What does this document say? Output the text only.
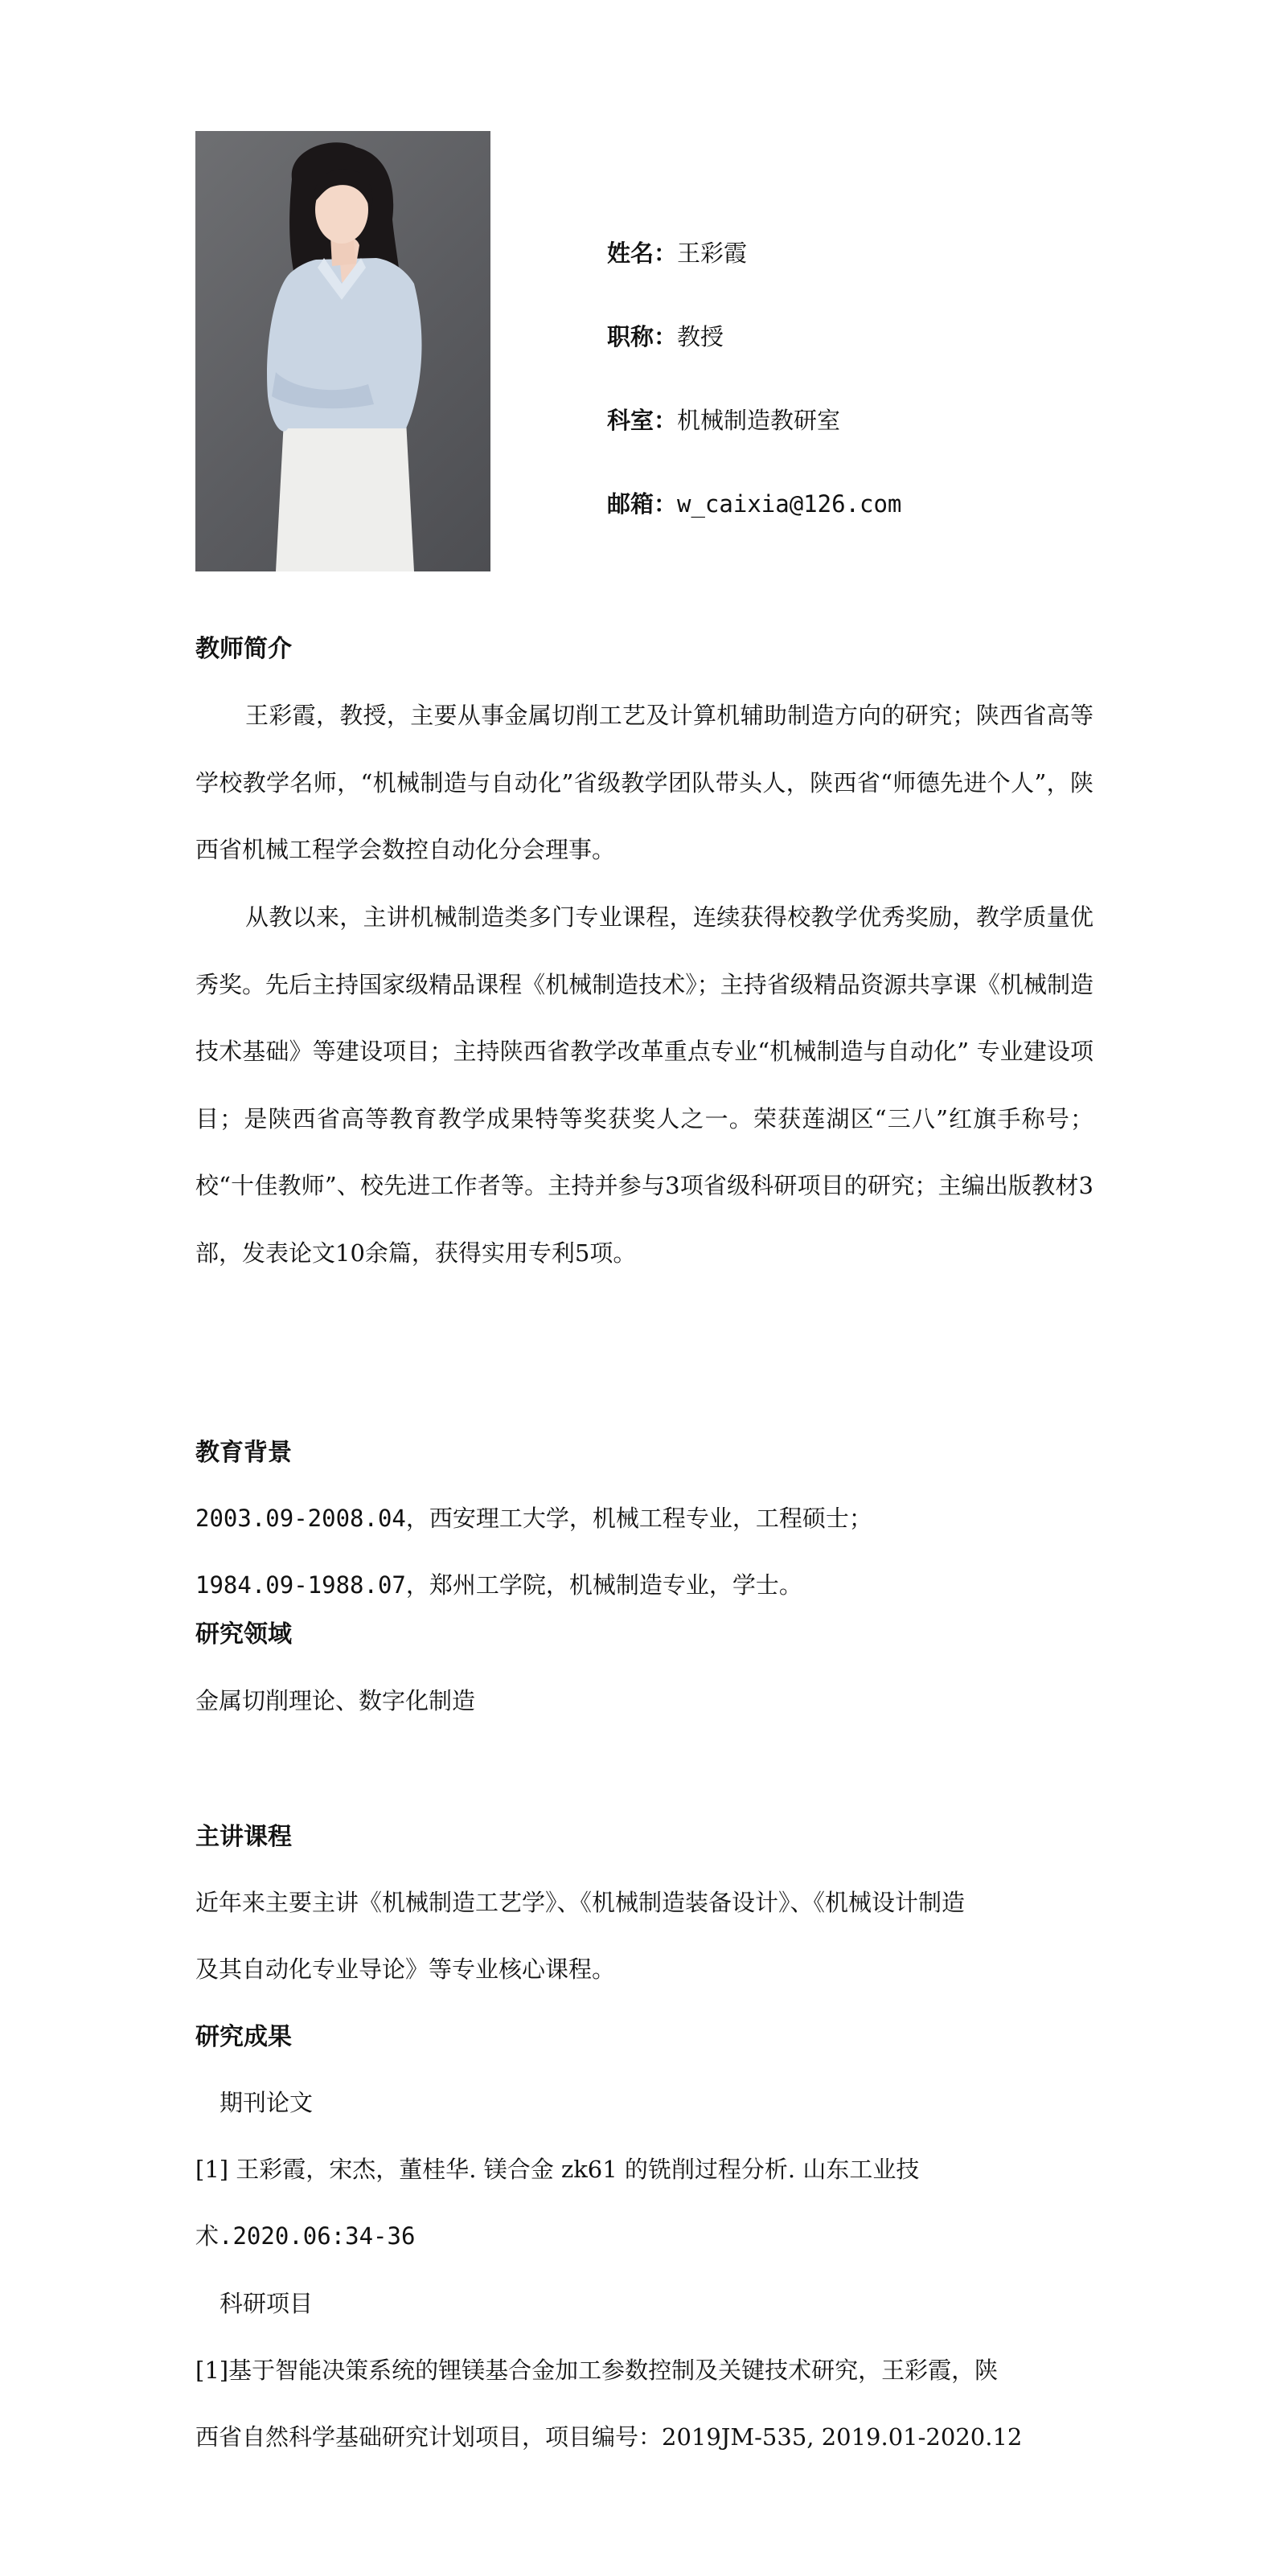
姓名：王彩霞
职称：教授
科室：机械制造教研室
邮箱：w_caixia@126.com
教师简介

王彩霞，教授，主要从事金属切削工艺及计算机辅助制造方向的研究；陕西省高等学校教学名师，“机械制造与自动化”省级教学团队带头人，陕西省“师德先进个人”，陕西省机械工程学会数控自动化分会理事。

从教以来，主讲机械制造类多门专业课程，连续获得校教学优秀奖励，教学质量优秀奖。先后主持国家级精品课程《机械制造技术》；主持省级精品资源共享课《机械制造技术基础》等建设项目；主持陕西省教学改革重点专业“机械制造与自动化” 专业建设项目；是陕西省高等教育教学成果特等奖获奖人之一。荣获莲湖区“三八”红旗手称号；校“十佳教师”、校先进工作者等。主持并参与3项省级科研项目的研究；主编出版教材3部，发表论文10余篇，获得实用专利5项。

教育背景
2003.09-2008.04，西安理工大学，机械工程专业，工程硕士；
1984.09-1988.07，郑州工学院，机械制造专业，学士。
研究领域
金属切削理论、数字化制造
主讲课程
近年来主要主讲《机械制造工艺学》、《机械制造装备设计》、《机械设计制造
及其自动化专业导论》等专业核心课程。
研究成果
期刊论文
[1] 王彩霞，宋杰，董桂华. 镁合金 zk61 的铣削过程分析. 山东工业技
术.2020.06:34-36
科研项目
[1]基于智能决策系统的锂镁基合金加工参数控制及关键技术研究，王彩霞，陕
西省自然科学基础研究计划项目，项目编号：2019JM-535, 2019.01-2020.12
